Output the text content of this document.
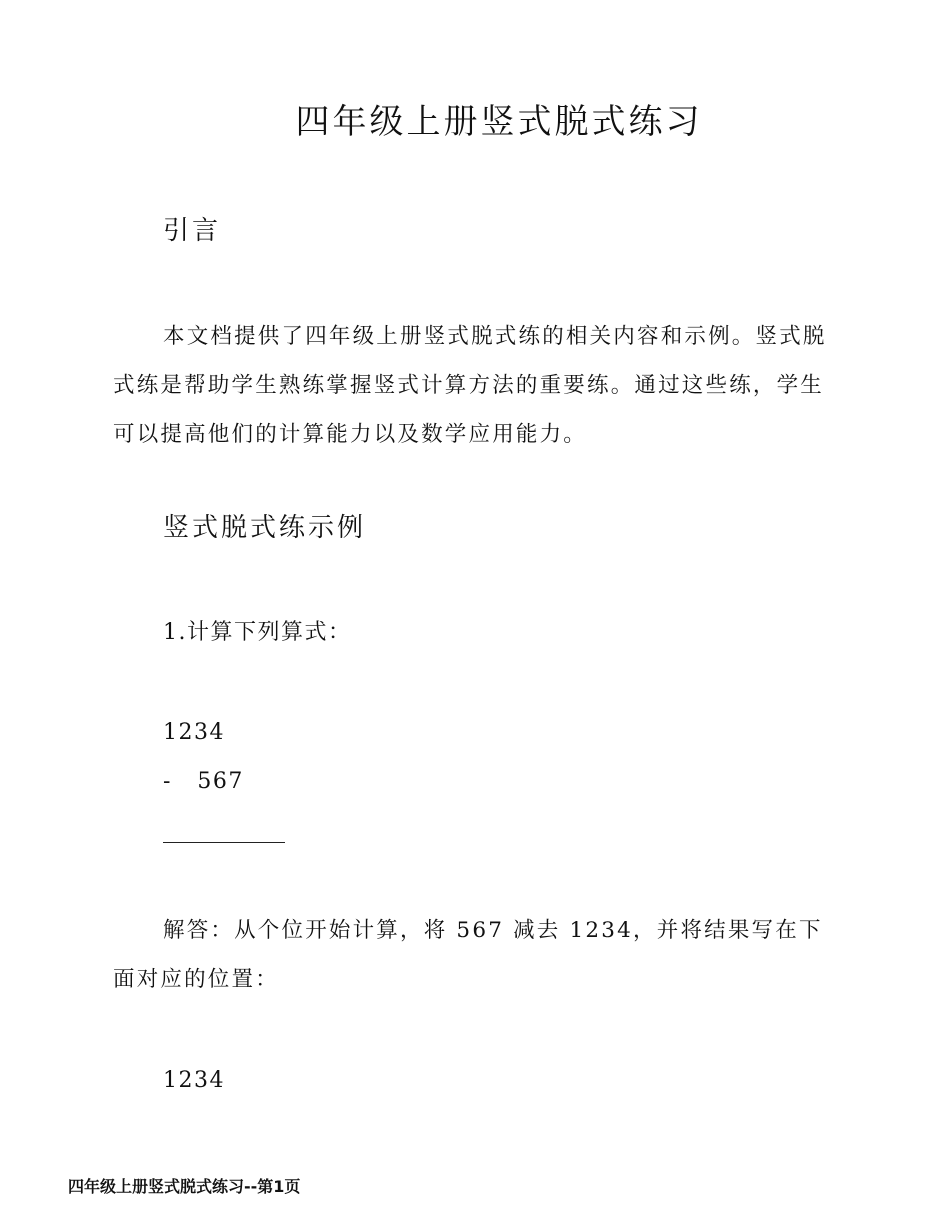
四年级上册竖式脱式练习
引言

本文档提供了四年级上册竖式脱式练的相关内容和示例。竖式脱式练是帮助学生熟练掌握竖式计算方法的重要练。通过这些练，学生可以提高他们的计算能力以及数学应用能力。

竖式脱式练示例
1.计算下列算式：
1234
-   567

解答：从个位开始计算，将 567 减去 1234，并将结果写在下面对应的位置：

1234
四年级上册竖式脱式练习--第1页
